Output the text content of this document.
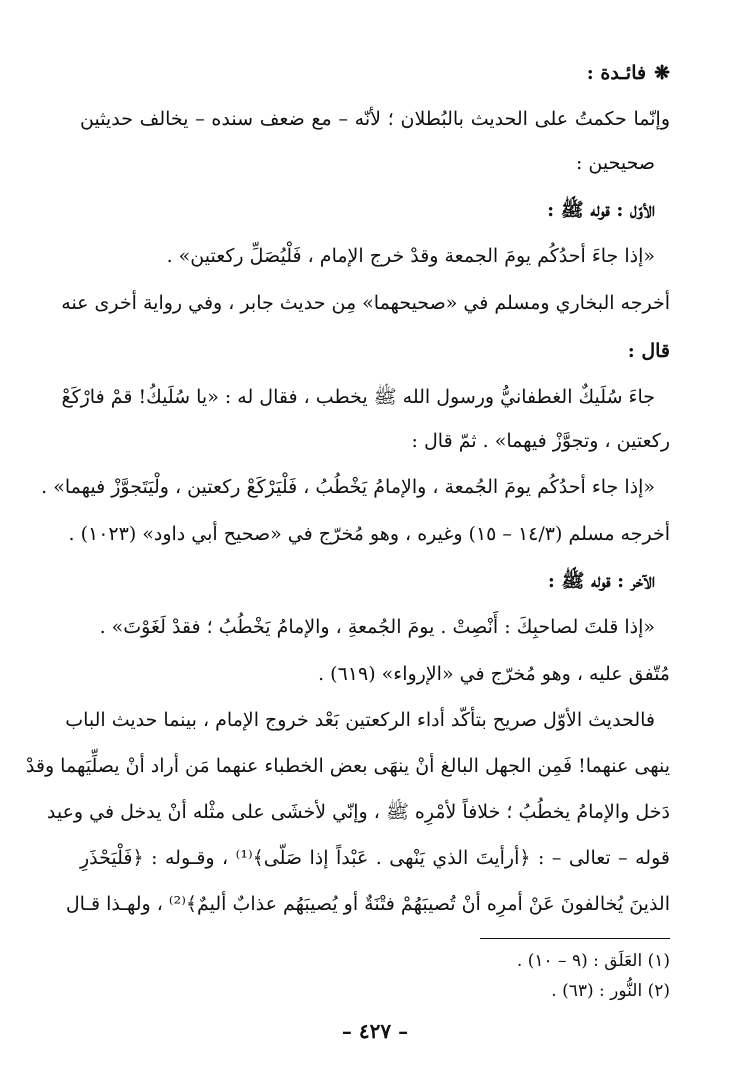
❋فائـدة :
وإنّما حكمتُ على الحديث بالبُطلان ؛ لأنّه – مع ضعف سنده – يخالف حديثين
صحيحين :
الأوّل : قوله ﷺ :
«إذا جاءَ أحدُكُم يومَ الجمعة وقدْ خرج الإمام ، فَلْيُصَلِّ ركعتين» .
أخرجه البخاري ومسلم في «صحيحهما» مِن حديث جابر ، وفي رواية أخرى عنه
قال :
جاءَ سُلَيكٌ الغطفانيُّ ورسول الله ﷺ يخطب ، فقال له : «يا سُلَيكُ! قمْ فارْكَعْ
ركعتين ، وتجوَّزْ فيهما» . ثمّ قال :
«إذا جاء أحدُكُم يومَ الجُمعة ، والإمامُ يَخْطُبُ ، فَلْيَرْكَعْ ركعتين ، ولْيَتَجوَّزْ فيهما» .
أخرجه مسلم (١٤/٣ – ١٥) وغيره ، وهو مُخرّج في «صحيح أبي داود» (١٠٢٣) .
الآخر : قوله ﷺ :
«إذا قلتَ لصاحبِكَ : أَنْصِتْ . يومَ الجُمعةِ ، والإمامُ يَخْطُبُ ؛ فقدْ لَغَوْتَ» .
مُتّفق عليه ، وهو مُخرّج في «الإرواء» (٦١٩) .
فالحديث الأوّل صريح بتأكّد أداء الركعتين بَعْد خروج الإمام ، بينما حديث الباب
ينهى عنهما! فَمِن الجهل البالغ أنْ ينهَى بعض الخطباء عنهما مَن أراد أنْ يصلِّيَهما وقدْ
دَخل والإمامُ يخطُبُ ؛ خلافاً لأمْرِه ﷺ ، وإنّي لأخشَى على مثْله أنْ يدخل في وعيد
قوله – تعالى – : ﴿أرأيتَ الذي يَنْهى . عَبْداً إذا صَلّى﴾⁽¹⁾ ، وقـوله : ﴿فَلْيَحْذَرِ
الذينَ يُخالفونَ عَنْ أمرِه أنْ تُصيبَهُمْ فتْنَةٌ أو يُصيبَهُم عذابٌ أليمٌ﴾⁽²⁾ ، ولهـذا قـال
(١) العَلَق : (٩ – ١٠) .
(٢) النُّور : (٦٣) .
– ٤٢٧ –
